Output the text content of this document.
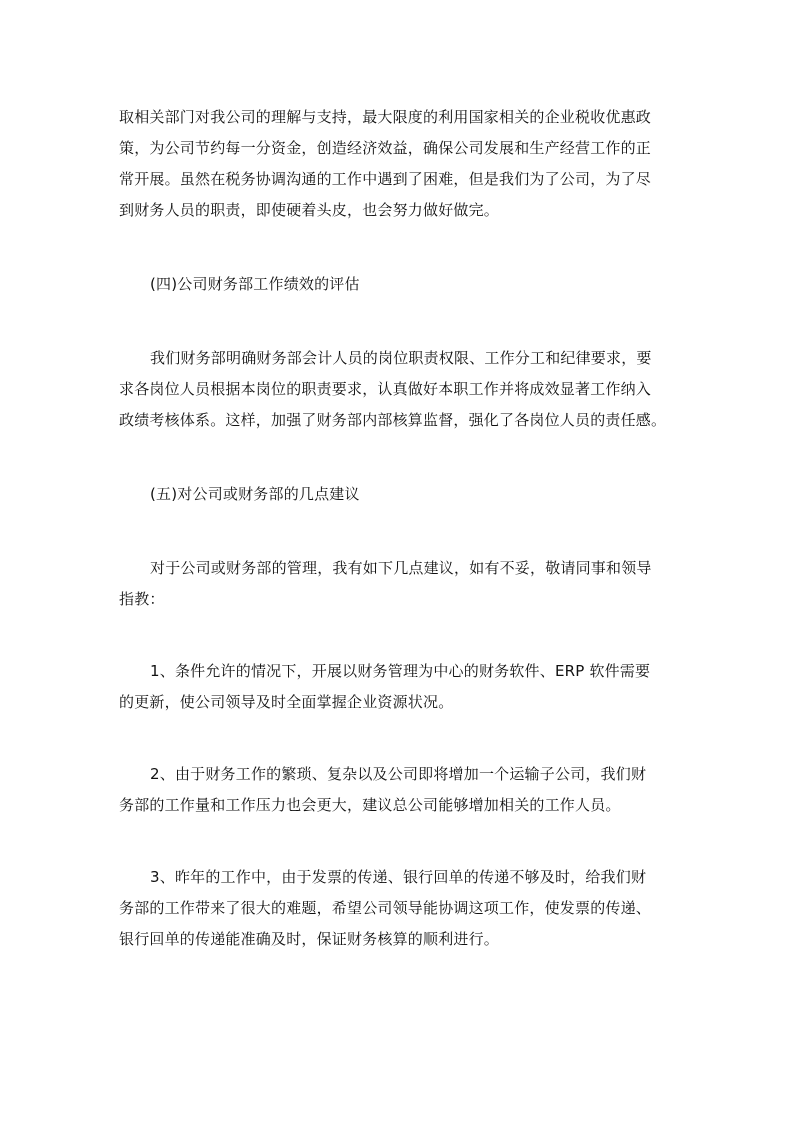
取相关部门对我公司的理解与支持，最大限度的利用国家相关的企业税收优惠政
策，为公司节约每一分资金，创造经济效益，确保公司发展和生产经营工作的正
常开展。虽然在税务协调沟通的工作中遇到了困难，但是我们为了公司，为了尽
到财务人员的职责，即使硬着头皮，也会努力做好做完。

(四)公司财务部工作绩效的评估

我们财务部明确财务部会计人员的岗位职责权限、工作分工和纪律要求，要
求各岗位人员根据本岗位的职责要求，认真做好本职工作并将成效显著工作纳入
政绩考核体系。这样，加强了财务部内部核算监督，强化了各岗位人员的责任感。

(五)对公司或财务部的几点建议

对于公司或财务部的管理，我有如下几点建议，如有不妥，敬请同事和领导
指教：

1、条件允许的情况下，开展以财务管理为中心的财务软件、ERP 软件需要
的更新，使公司领导及时全面掌握企业资源状况。

2、由于财务工作的繁琐、复杂以及公司即将增加一个运输子公司，我们财
务部的工作量和工作压力也会更大，建议总公司能够增加相关的工作人员。

3、昨年的工作中，由于发票的传递、银行回单的传递不够及时，给我们财
务部的工作带来了很大的难题，希望公司领导能协调这项工作，使发票的传递、
银行回单的传递能准确及时，保证财务核算的顺利进行。
